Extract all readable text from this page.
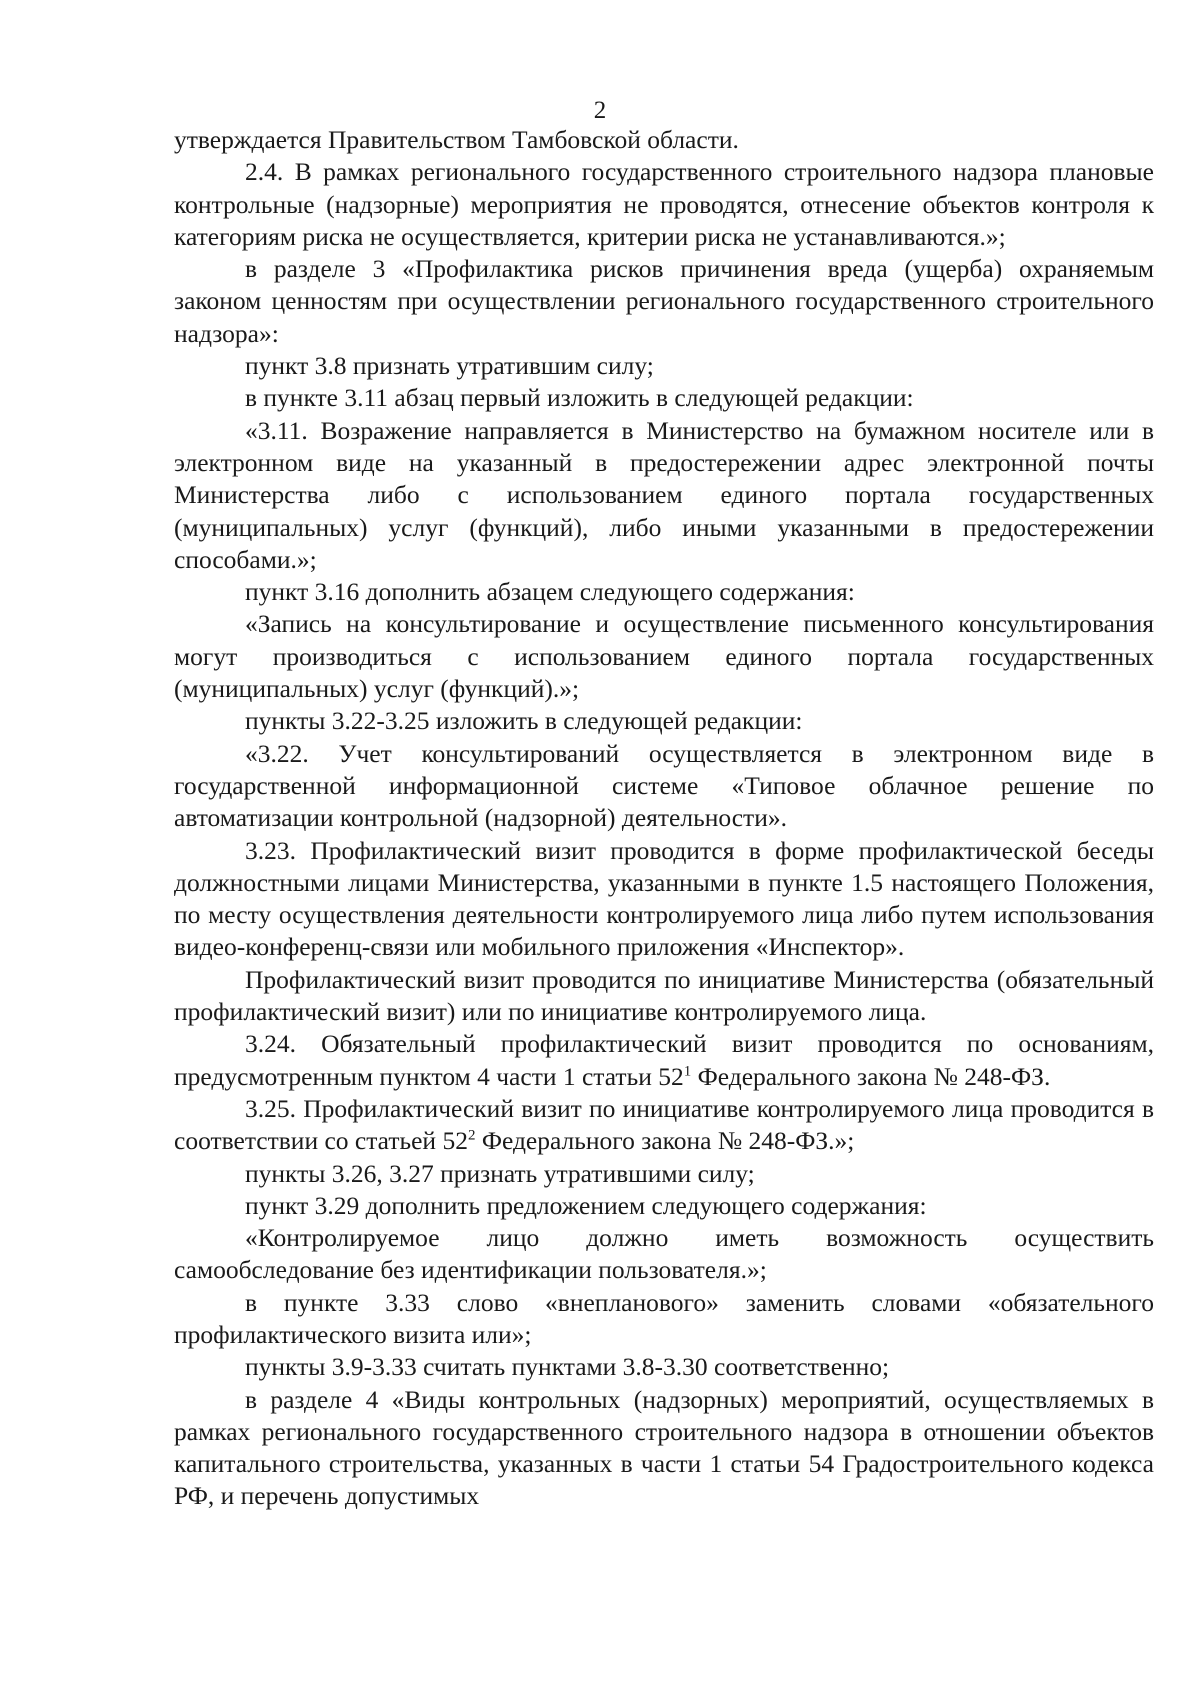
2

утверждается Правительством Тамбовской области.

2.4. В рамках регионального государственного строительного надзора плановые контрольные (надзорные) мероприятия не проводятся, отнесение объектов контроля к категориям риска не осуществляется, критерии риска не устанавливаются.»;

в разделе 3 «Профилактика рисков причинения вреда (ущерба) охраняемым законом ценностям при осуществлении регионального государственного строительного надзора»:

пункт 3.8 признать утратившим силу;

в пункте 3.11 абзац первый изложить в следующей редакции:

«3.11. Возражение направляется в Министерство на бумажном носителе или в электронном виде на указанный в предостережении адрес электронной почты Министерства либо с использованием единого портала государственных (муниципальных) услуг (функций), либо иными указанными в предостережении способами.»;

пункт 3.16 дополнить абзацем следующего содержания:

«Запись на консультирование и осуществление письменного консультирования могут производиться с использованием единого портала государственных (муниципальных) услуг (функций).»;

пункты 3.22-3.25 изложить в следующей редакции:

«3.22. Учет консультирований осуществляется в электронном виде в государственной информационной системе «Типовое облачное решение по автоматизации контрольной (надзорной) деятельности».

3.23. Профилактический визит проводится в форме профилактической беседы должностными лицами Министерства, указанными в пункте 1.5 настоящего Положения, по месту осуществления деятельности контролируемого лица либо путем использования видео-конференц-связи или мобильного приложения «Инспектор».

Профилактический визит проводится по инициативе Министерства (обязательный профилактический визит) или по инициативе контролируемого лица.

3.24. Обязательный профилактический визит проводится по основаниям, предусмотренным пунктом 4 части 1 статьи $52^1$ Федерального закона № 248-ФЗ.

3.25. Профилактический визит по инициативе контролируемого лица проводится в соответствии со статьей $52^2$ Федерального закона № 248-ФЗ.»;

пункты 3.26, 3.27 признать утратившими силу;

пункт 3.29 дополнить предложением следующего содержания:

«Контролируемое лицо должно иметь возможность осуществить самообследование без идентификации пользователя.»;

в пункте 3.33 слово «внепланового» заменить словами «обязательного профилактического визита или»;

пункты 3.9-3.33 считать пунктами 3.8-3.30 соответственно;

в разделе 4 «Виды контрольных (надзорных) мероприятий, осуществляемых в рамках регионального государственного строительного надзора в отношении объектов капитального строительства, указанных в части 1 статьи 54 Градостроительного кодекса РФ, и перечень допустимых
